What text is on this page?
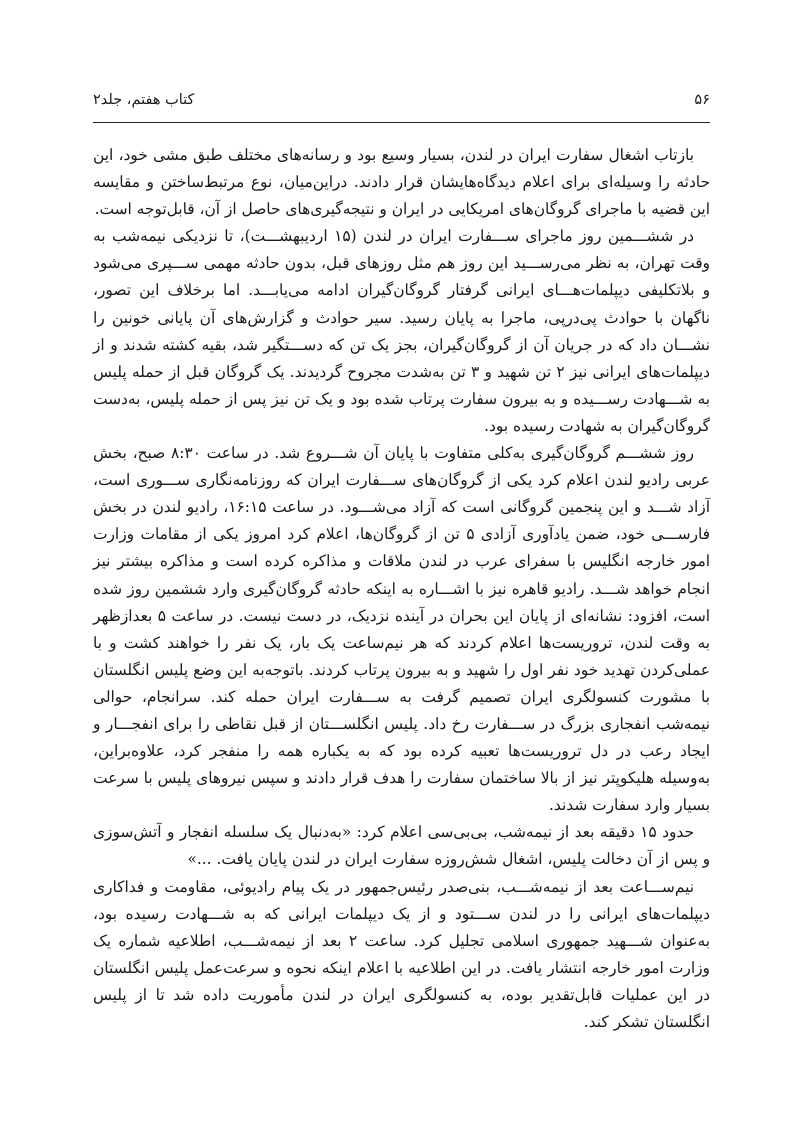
۵۶
کتاب هفتم، جلد۲

بازتاب اشغال سفارت ایران در لندن، بسیار وسیع بود و رسانه‌های مختلف طبق مشی خود، این حادثه را وسیله‌ای برای اعلام دیدگاه‌هایشان قرار دادند. دراین‌میان، نوع مرتبط‌ساختن و مقایسه این قضیه با ماجرای گروگان‌های امریکایی در ایران و نتیجه‌گیری‌های حاصل از آن، قابل‌توجه است.

در ششـــمین روز ماجرای ســـفارت ایران در لندن (۱۵ اردیبهشـــت)، تا نزدیکی نیمه‌شب به وقت تهران، به نظر می‌رســـید این روز هم مثل روزهای قبل، بدون حادثه مهمی ســـپری می‌شود و بلاتکلیفی دیپلمات‌هـــای ایرانی گرفتار گروگان‌گیران ادامه می‌یابـــد. اما برخلاف این تصور، ناگهان با حوادث پی‌درپی، ماجرا به پایان رسید. سیر حوادث و گزارش‌های آن پایانی خونین را نشـــان داد که در جریان آن از گروگان‌گیران، بجز یک تن که دســـتگیر شد، بقیه کشته شدند و از دیپلمات‌های ایرانی نیز ۲ تن شهید و ۳ تن به‌شدت مجروح گردیدند. یک گروگان قبل از حمله پلیس به شـــهادت رســـیده و به بیرون سفارت پرتاب شده بود و یک تن نیز پس از حمله پلیس، به‌دست گروگان‌گیران به شهادت رسیده بود.

روز ششـــم گروگان‌گیری به‌کلی متفاوت با پایان آن شـــروع شد. در ساعت ۸:۳۰ صبح، بخش عربی رادیو لندن اعلام کرد یکی از گروگان‌های ســـفارت ایران که روزنامه‌نگاری ســـوری است، آزاد شـــد و این پنجمین گروگانی است که آزاد می‌شـــود. در ساعت ۱۶:۱۵، رادیو لندن در بخش فارســـی خود، ضمن یادآوری آزادی ۵ تن از گروگان‌ها، اعلام کرد امروز یکی از مقامات وزارت امور خارجه انگلیس با سفرای عرب در لندن ملاقات و مذاکره کرده است و مذاکره بیشتر نیز انجام خواهد شـــد. رادیو قاهره نیز با اشـــاره به اینکه حادثه گروگان‌گیری وارد ششمین روز شده است، افزود: نشانه‌ای از پایان این بحران در آینده نزدیک، در دست نیست. در ساعت ۵ بعدازظهر به وقت لندن، تروریست‌ها اعلام کردند که هر نیم‌ساعت یک بار، یک نفر را خواهند کشت و با عملی‌کردن تهدید خود نفر اول را شهید و به بیرون پرتاب کردند. باتوجه‌به این وضع پلیس انگلستان با مشورت کنسولگری ایران تصمیم گرفت به ســـفارت ایران حمله کند. سرانجام، حوالی نیمه‌شب انفجاری بزرگ در ســـفارت رخ داد. پلیس انگلســـتان از قبل نقاطی را برای انفجـــار و ایجاد رعب در دل تروریست‌ها تعبیه کرده بود که به یکباره همه را منفجر کرد، علاوه‌براین، به‌وسیله هلیکوپتر نیز از بالا ساختمان سفارت را هدف قرار دادند و سپس نیروهای پلیس با سرعت بسیار وارد سفارت شدند.

حدود ۱۵ دقیقه بعد از نیمه‌شب، بی‌بی‌سی اعلام کرد: «به‌دنبال یک سلسله انفجار و آتش‌سوزی و پس از آن دخالت پلیس، اشغال شش‌روزه سفارت ایران در لندن پایان یافت. ...»

نیم‌ســـاعت بعد از نیمه‌شـــب، بنی‌صدر رئیس‌جمهور در یک پیام رادیوئی، مقاومت و فداکاری دیپلمات‌های ایرانی را در لندن ســـتود و از یک دیپلمات ایرانی که به شـــهادت رسیده بود، به‌عنوان شـــهید جمهوری اسلامی تجلیل کرد. ساعت ۲ بعد از نیمه‌شـــب، اطلاعیه شماره یک وزارت امور خارجه انتشار یافت. در این اطلاعیه با اعلام اینکه نحوه و سرعت‌عمل پلیس انگلستان در این عملیات قابل‌تقدیر بوده، به کنسولگری ایران در لندن مأموریت داده شد تا از پلیس انگلستان تشکر کند.
